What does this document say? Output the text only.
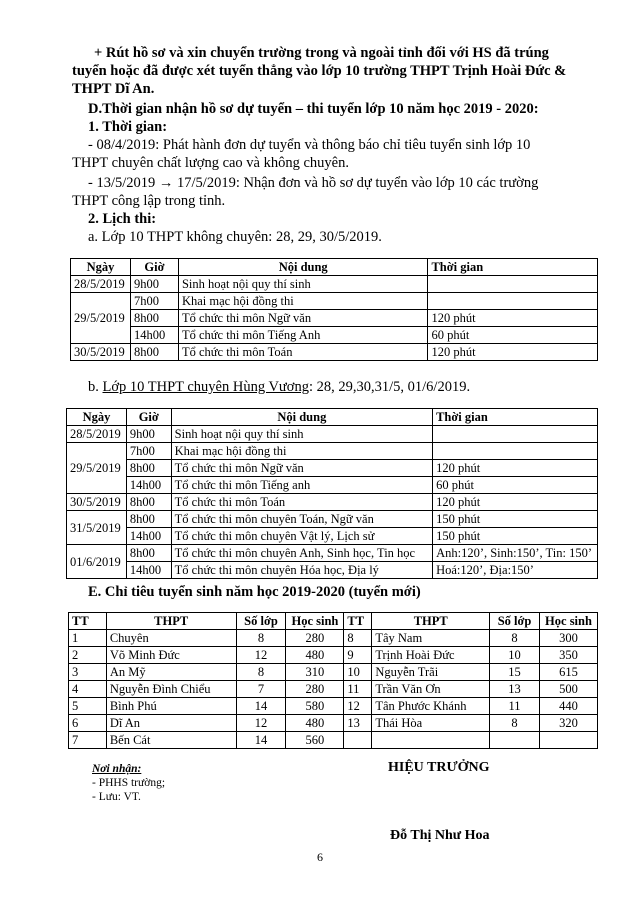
+ Rút hồ sơ và xin chuyển trường trong và ngoài tỉnh đối với HS đã trúng
tuyển hoặc đã được xét tuyển thẳng vào lớp 10 trường THPT Trịnh Hoài Đức &
THPT Dĩ An.
D.Thời gian nhận hồ sơ dự tuyển – thi tuyển lớp 10 năm học 2019 - 2020:
1. Thời gian:
- 08/4/2019: Phát hành đơn dự tuyển và thông báo chỉ tiêu tuyển sinh lớp 10
THPT chuyên chất lượng cao và không chuyên.
- 13/5/2019 → 17/5/2019: Nhận đơn và hồ sơ dự tuyển vào lớp 10 các trường
THPT công lập trong tỉnh.
2. Lịch thi:
a. Lớp 10 THPT không chuyên: 28, 29, 30/5/2019.
Ngày	Giờ	Nội dung	Thời gian
28/5/2019	9h00	Sinh hoạt nội quy thí sinh	
29/5/2019	7h00	Khai mạc hội đồng thi	
	8h00	Tổ chức thi môn Ngữ văn	120 phút
	14h00	Tổ chức thi môn Tiếng Anh	60 phút
30/5/2019	8h00	Tổ chức thi môn Toán	120 phút
b. Lớp 10 THPT chuyên Hùng Vương: 28, 29,30,31/5, 01/6/2019.
Ngày	Giờ	Nội dung	Thời gian
28/5/2019	9h00	Sinh hoạt nội quy thí sinh	
29/5/2019	7h00	Khai mạc hội đồng thi	
	8h00	Tổ chức thi môn Ngữ văn	120 phút
	14h00	Tổ chức thi môn Tiếng anh	60 phút
30/5/2019	8h00	Tổ chức thi môn Toán	120 phút
31/5/2019	8h00	Tổ chức thi môn chuyên Toán, Ngữ văn	150 phút
	14h00	Tổ chức thi môn chuyên Vật lý, Lịch sử	150 phút
01/6/2019	8h00	Tổ chức thi môn chuyên Anh, Sinh học, Tin học	Anh:120’, Sinh:150’, Tin: 150’
	14h00	Tổ chức thi môn chuyên Hóa học, Địa lý	Hoá:120’, Địa:150’
E. Chỉ tiêu tuyển sinh năm học 2019-2020 (tuyển mới)
TT	THPT	Số lớp	Học sinh	TT	THPT	Số lớp	Học sinh
1	Chuyên	8	280	8	Tây Nam	8	300
2	Võ Minh Đức	12	480	9	Trịnh Hoài Đức	10	350
3	An Mỹ	8	310	10	Nguyễn Trãi	15	615
4	Nguyễn Đình Chiểu	7	280	11	Trần Văn Ơn	13	500
5	Bình Phú	14	580	12	Tân Phước Khánh	11	440
6	Dĩ An	12	480	13	Thái Hòa	8	320
7	Bến Cát	14	560				
Nơi nhận:
- PHHS trường;
- Lưu: VT.
HIỆU TRƯỞNG
Đỗ Thị Như Hoa
6
